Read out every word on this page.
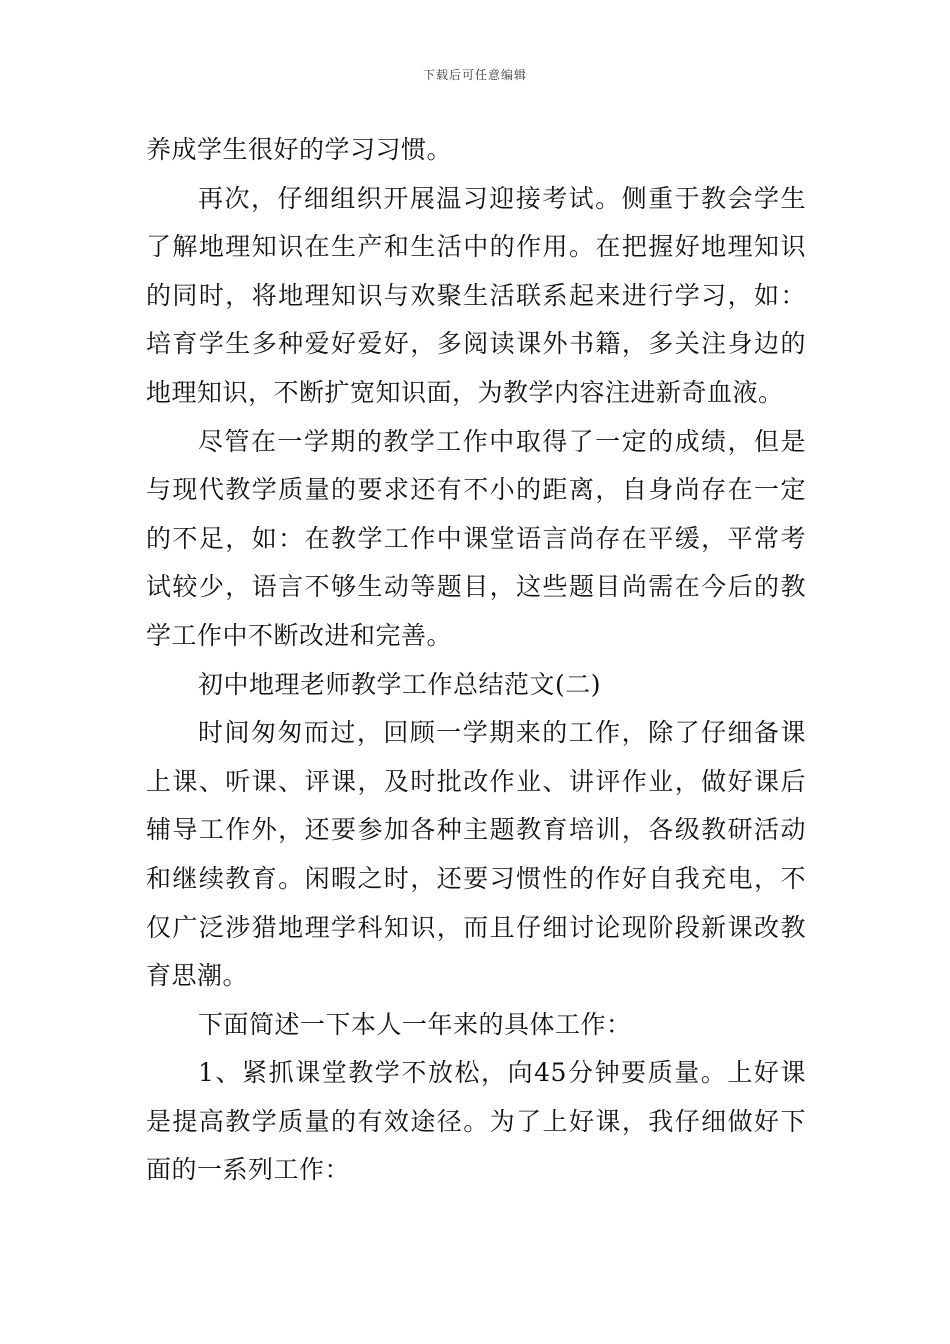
下载后可任意编辑

养成学生很好的学习习惯。

再次，仔细组织开展温习迎接考试。侧重于教会学生了解地理知识在生产和生活中的作用。在把握好地理知识的同时，将地理知识与欢聚生活联系起来进行学习，如：培育学生多种爱好爱好，多阅读课外书籍，多关注身边的地理知识，不断扩宽知识面，为教学内容注进新奇血液。

尽管在一学期的教学工作中取得了一定的成绩，但是与现代教学质量的要求还有不小的距离，自身尚存在一定的不足，如：在教学工作中课堂语言尚存在平缓，平常考试较少，语言不够生动等题目，这些题目尚需在今后的教学工作中不断改进和完善。

初中地理老师教学工作总结范文(二)

时间匆匆而过，回顾一学期来的工作，除了仔细备课上课、听课、评课，及时批改作业、讲评作业，做好课后辅导工作外，还要参加各种主题教育培训，各级教研活动和继续教育。闲暇之时，还要习惯性的作好自我充电，不仅广泛涉猎地理学科知识，而且仔细讨论现阶段新课改教育思潮。

下面简述一下本人一年来的具体工作：

1、紧抓课堂教学不放松，向45分钟要质量。上好课是提高教学质量的有效途径。为了上好课，我仔细做好下面的一系列工作：
